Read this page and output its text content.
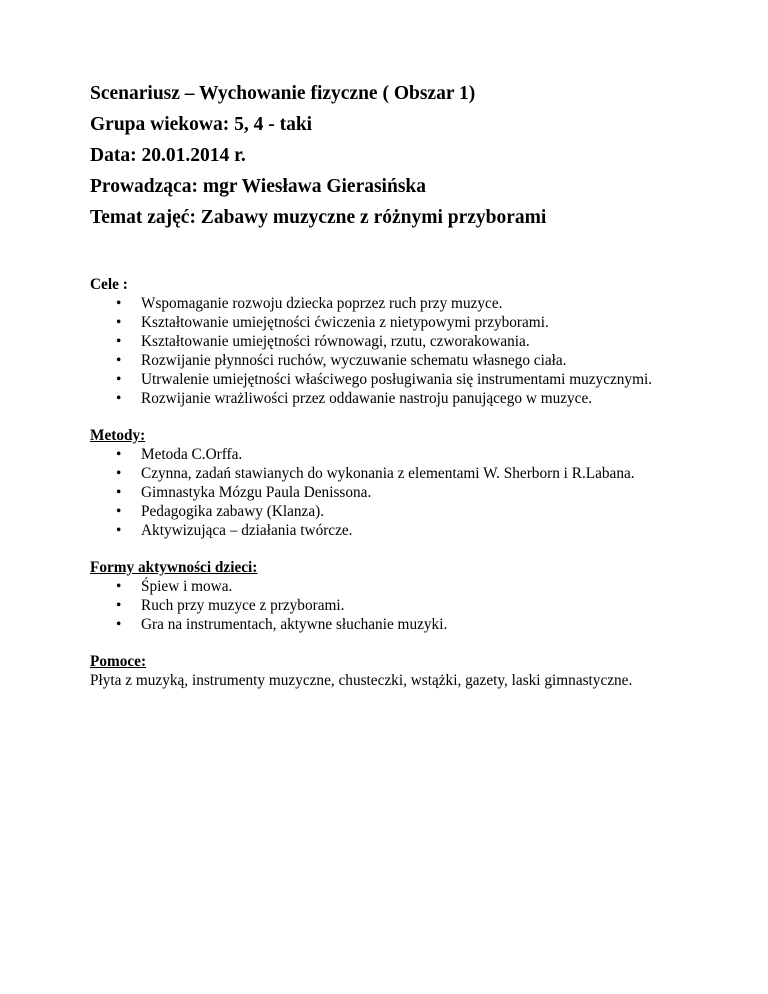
Scenariusz – Wychowanie fizyczne ( Obszar 1)

Grupa wiekowa: 5, 4 - taki

Data: 20.01.2014 r.

Prowadząca: mgr Wiesława Gierasińska

Temat zajęć: Zabawy muzyczne z różnymi przyborami

Cele :

• Wspomaganie rozwoju dziecka poprzez ruch przy muzyce.
• Kształtowanie umiejętności ćwiczenia z nietypowymi przyborami.
• Kształtowanie umiejętności równowagi, rzutu, czworakowania.
• Rozwijanie płynności ruchów, wyczuwanie schematu własnego ciała.
• Utrwalenie umiejętności właściwego posługiwania się instrumentami muzycznymi.
• Rozwijanie wrażliwości przez oddawanie nastroju panującego w muzyce.

Metody:

• Metoda C.Orffa.
• Czynna, zadań stawianych do wykonania z elementami W. Sherborn i R.Labana.
• Gimnastyka Mózgu Paula Denissona.
• Pedagogika zabawy (Klanza).
• Aktywizująca – działania twórcze.

Formy aktywności dzieci:

• Śpiew i mowa.
• Ruch przy muzyce z przyborami.
• Gra na instrumentach, aktywne słuchanie muzyki.

Pomoce:

Płyta z muzyką, instrumenty muzyczne, chusteczki, wstążki, gazety, laski gimnastyczne.
